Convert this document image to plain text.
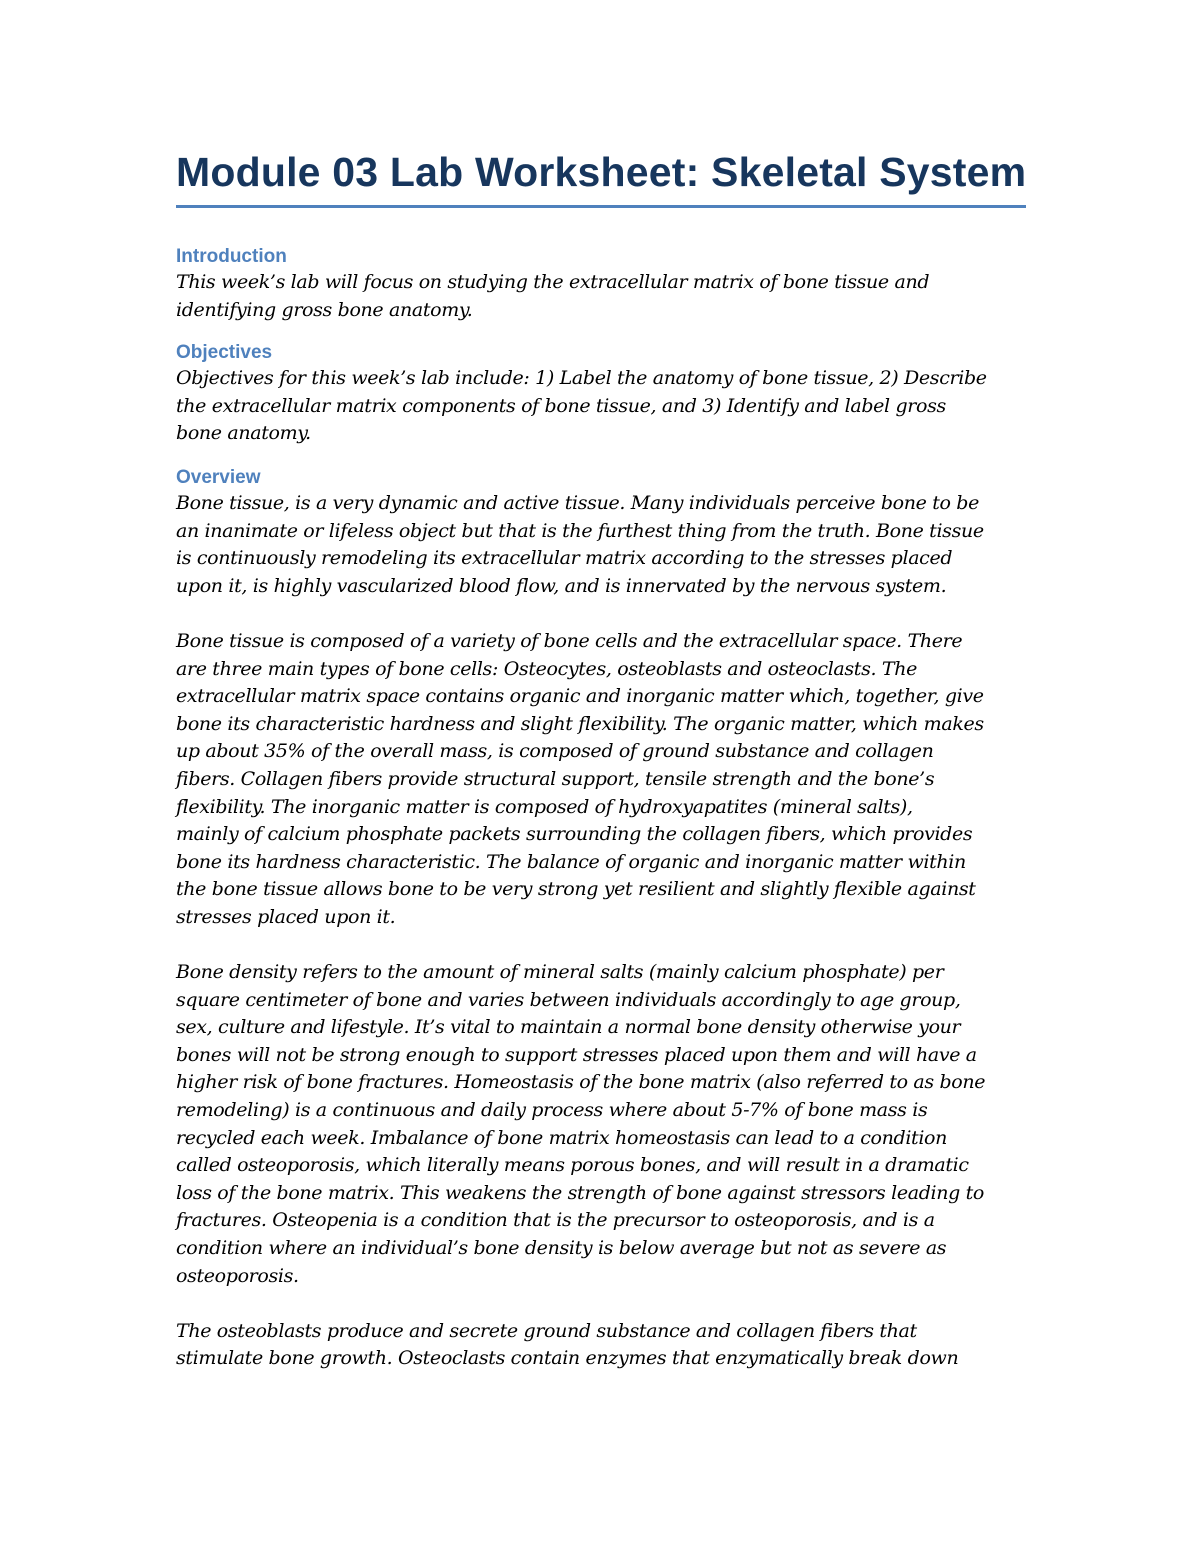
Module 03 Lab Worksheet: Skeletal System
Introduction

This week’s lab will focus on studying the extracellular matrix of bone tissue and
identifying gross bone anatomy.

Objectives

Objectives for this week’s lab include: 1) Label the anatomy of bone tissue, 2) Describe
the extracellular matrix components of bone tissue, and 3) Identify and label gross
bone anatomy.

Overview

Bone tissue, is a very dynamic and active tissue. Many individuals perceive bone to be
an inanimate or lifeless object but that is the furthest thing from the truth. Bone tissue
is continuously remodeling its extracellular matrix according to the stresses placed
upon it, is highly vascularized blood flow, and is innervated by the nervous system.

Bone tissue is composed of a variety of bone cells and the extracellular space. There
are three main types of bone cells: Osteocytes, osteoblasts and osteoclasts. The
extracellular matrix space contains organic and inorganic matter which, together, give
bone its characteristic hardness and slight flexibility. The organic matter, which makes
up about 35% of the overall mass, is composed of ground substance and collagen
fibers. Collagen fibers provide structural support, tensile strength and the bone’s
flexibility. The inorganic matter is composed of hydroxyapatites (mineral salts),
mainly of calcium phosphate packets surrounding the collagen fibers, which provides
bone its hardness characteristic. The balance of organic and inorganic matter within
the bone tissue allows bone to be very strong yet resilient and slightly flexible against
stresses placed upon it.

Bone density refers to the amount of mineral salts (mainly calcium phosphate) per
square centimeter of bone and varies between individuals accordingly to age group,
sex, culture and lifestyle. It’s vital to maintain a normal bone density otherwise your
bones will not be strong enough to support stresses placed upon them and will have a
higher risk of bone fractures. Homeostasis of the bone matrix (also referred to as bone
remodeling) is a continuous and daily process where about 5-7% of bone mass is
recycled each week. Imbalance of bone matrix homeostasis can lead to a condition
called osteoporosis, which literally means porous bones, and will result in a dramatic
loss of the bone matrix. This weakens the strength of bone against stressors leading to
fractures. Osteopenia is a condition that is the precursor to osteoporosis, and is a
condition where an individual’s bone density is below average but not as severe as
osteoporosis.

The osteoblasts produce and secrete ground substance and collagen fibers that
stimulate bone growth. Osteoclasts contain enzymes that enzymatically break down
